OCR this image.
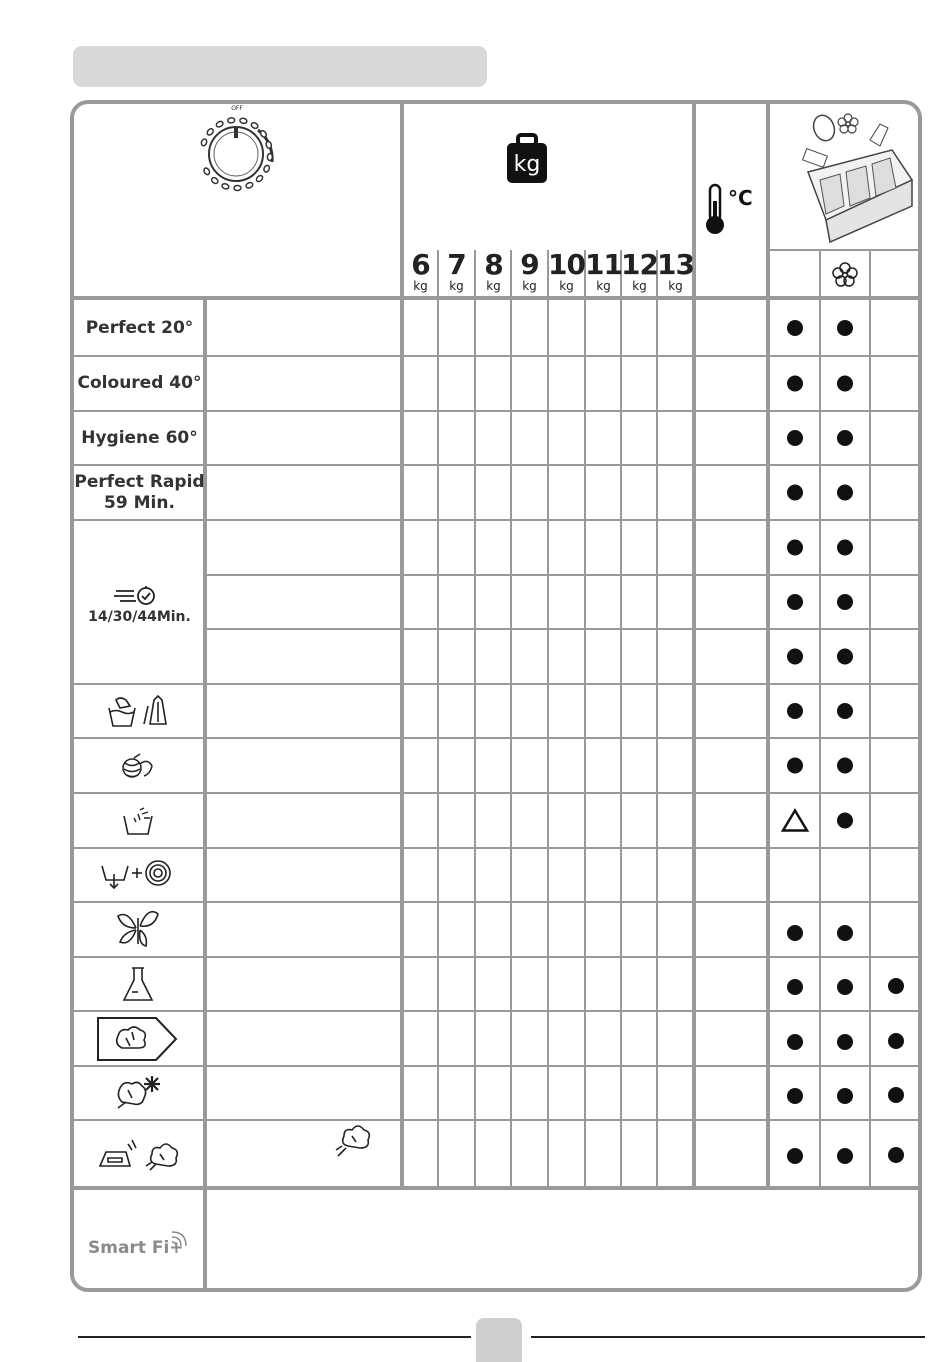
OFF
kg
°C
6
kg
7
kg
8
kg
9
kg
10
kg
11
kg
12
kg
13
kg
Perfect 20°
Coloured 40°
Hygiene 60°
Perfect Rapid
59 Min.
14/30/44Min.
Smart Fi+
